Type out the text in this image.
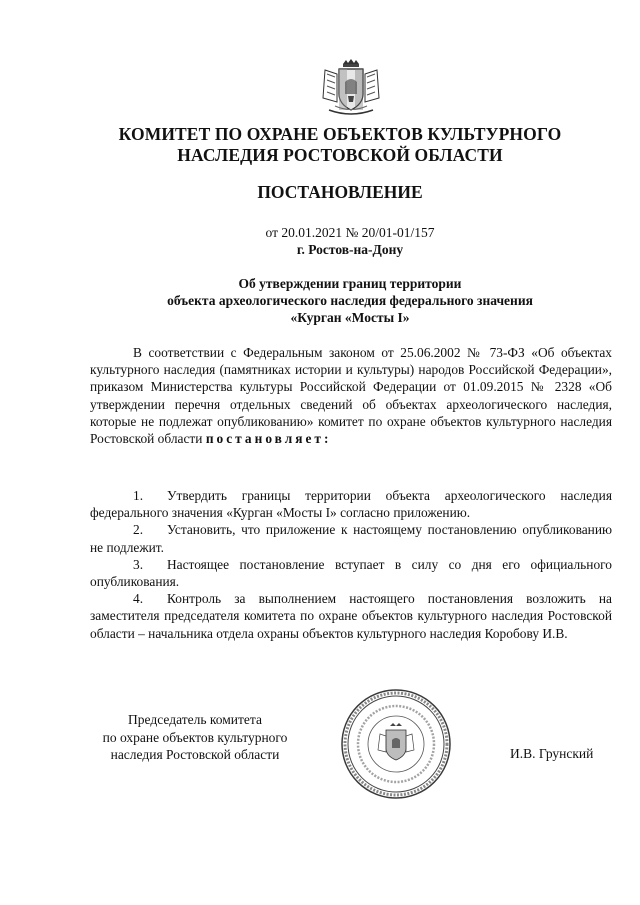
КОМИТЕТ ПО ОХРАНЕ ОБЪЕКТОВ КУЛЬТУРНОГО
НАСЛЕДИЯ РОСТОВСКОЙ ОБЛАСТИ
ПОСТАНОВЛЕНИЕ
от 20.01.2021 № 20/01-01/157
г. Ростов-на-Дону
Об утверждении границ территории
объекта археологического наследия федерального значения
«Курган «Мосты I»

В соответствии с Федеральным законом от 25.06.2002 № 73-ФЗ «Об объектах культурного наследия (памятниках истории и культуры) народов Российской Федерации», приказом Министерства культуры Российской Федерации от 01.09.2015 № 2328 «Об утверждении перечня отдельных сведений об объектах археологического наследия, которые не подлежат опубликованию» комитет по охране объектов культурного наследия Ростовской области постановляет:

1. Утвердить границы территории объекта археологического наследия федерального значения «Курган «Мосты I» согласно приложению.

2. Установить, что приложение к настоящему постановлению опубликованию не подлежит.

3. Настоящее постановление вступает в силу со дня его официального опубликования.

4. Контроль за выполнением настоящего постановления возложить на заместителя председателя комитета по охране объектов культурного наследия Ростовской области – начальника отдела охраны объектов культурного наследия Коробову И.В.

Председатель комитета
по охране объектов культурного
наследия Ростовской области	И.В. Грунский
